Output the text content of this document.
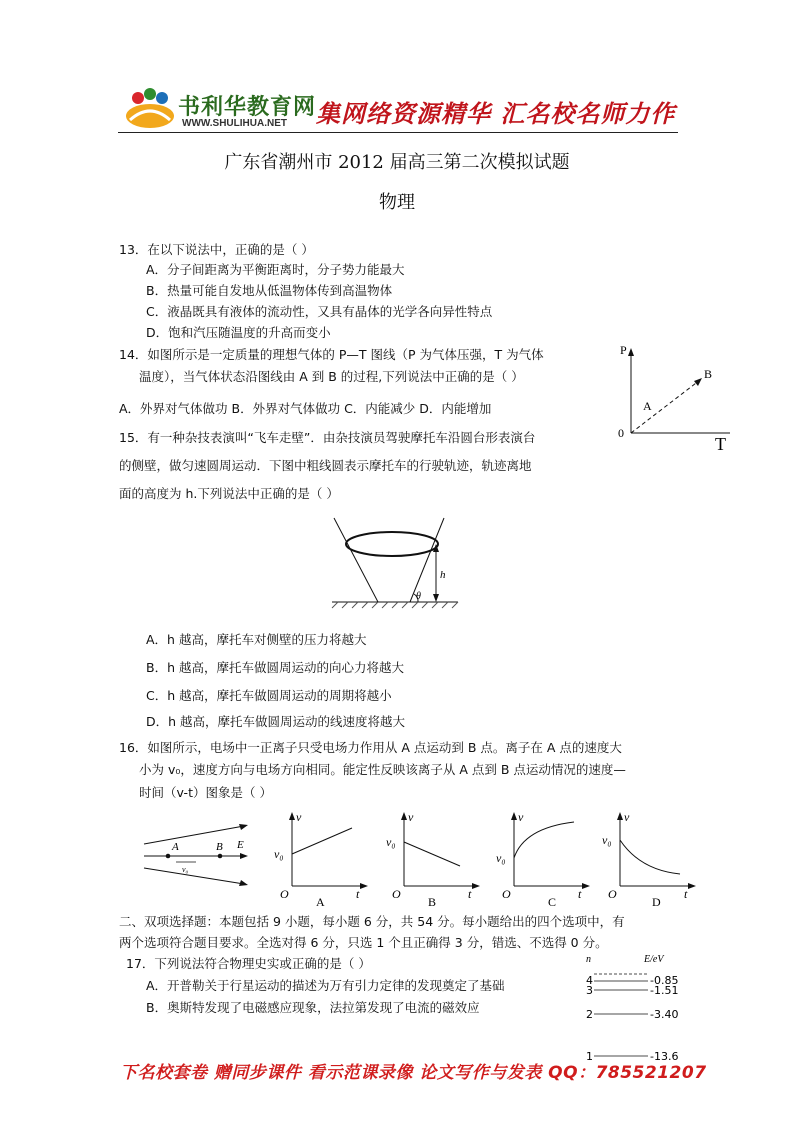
书利华教育网
WWW.SHULIHUA.NET 集网络资源精华 汇名校名师力作
广东省潮州市 2012 届高三第二次模拟试题
物理
13．在以下说法中，正确的是（ ）
A．分子间距离为平衡距离时，分子势力能最大
B．热量可能自发地从低温物体传到高温物体
C．液晶既具有液体的流动性，又具有晶体的光学各向异性特点
D．饱和汽压随温度的升高而变小
14．如图所示是一定质量的理想气体的 P—T 图线（P 为气体压强，T 为气体
温度），当气体状态沿图线由 A 到 B 的过程,下列说法中正确的是（ ）
A．外界对气体做功 B．外界对气体做功 C．内能减少 D．内能增加
P
T
0
A
B
15．有一种杂技表演叫“飞车走壁”．由杂技演员驾驶摩托车沿圆台形表演台
的侧壁，做匀速圆周运动．下图中粗线圆表示摩托车的行驶轨迹，轨迹离地
面的高度为 h.下列说法中正确的是（ ）
h
θ
A．h 越高，摩托车对侧壁的压力将越大
B．h 越高，摩托车做圆周运动的向心力将越大
C．h 越高，摩托车做圆周运动的周期将越小
D．h 越高，摩托车做圆周运动的线速度将越大
16．如图所示，电场中一正离子只受电场力作用从 A 点运动到 B 点。离子在 A 点的速度大
小为 v₀，速度方向与电场方向相同。能定性反映该离子从 A 点到 B 点运动情况的速度—
时间（v-t）图象是（ ）
A	B E
v₀
v
t
O
v₀
A
v
t
O
v₀
B
v
t
O
v₀
C
v
t
O
v₀
D
二、双项选择题：本题包括 9 小题，每小题 6 分，共 54 分。每小题给出的四个选项中，有
两个选项符合题目要求。全选对得 6 分，只选 1 个且正确得 3 分，错选、不选得 0 分。
17．下列说法符合物理史实或正确的是（ ）
A．开普勒关于行星运动的描述为万有引力定律的发现奠定了基础
B．奥斯特发现了电磁感应现象，法拉第发现了电流的磁效应
n	E/eV
4	-0.85
3	-1.51
2	-3.40
1	-13.6
下名校套卷 赠同步课件 看示范课录像 论文写作与发表 QQ：785521207
